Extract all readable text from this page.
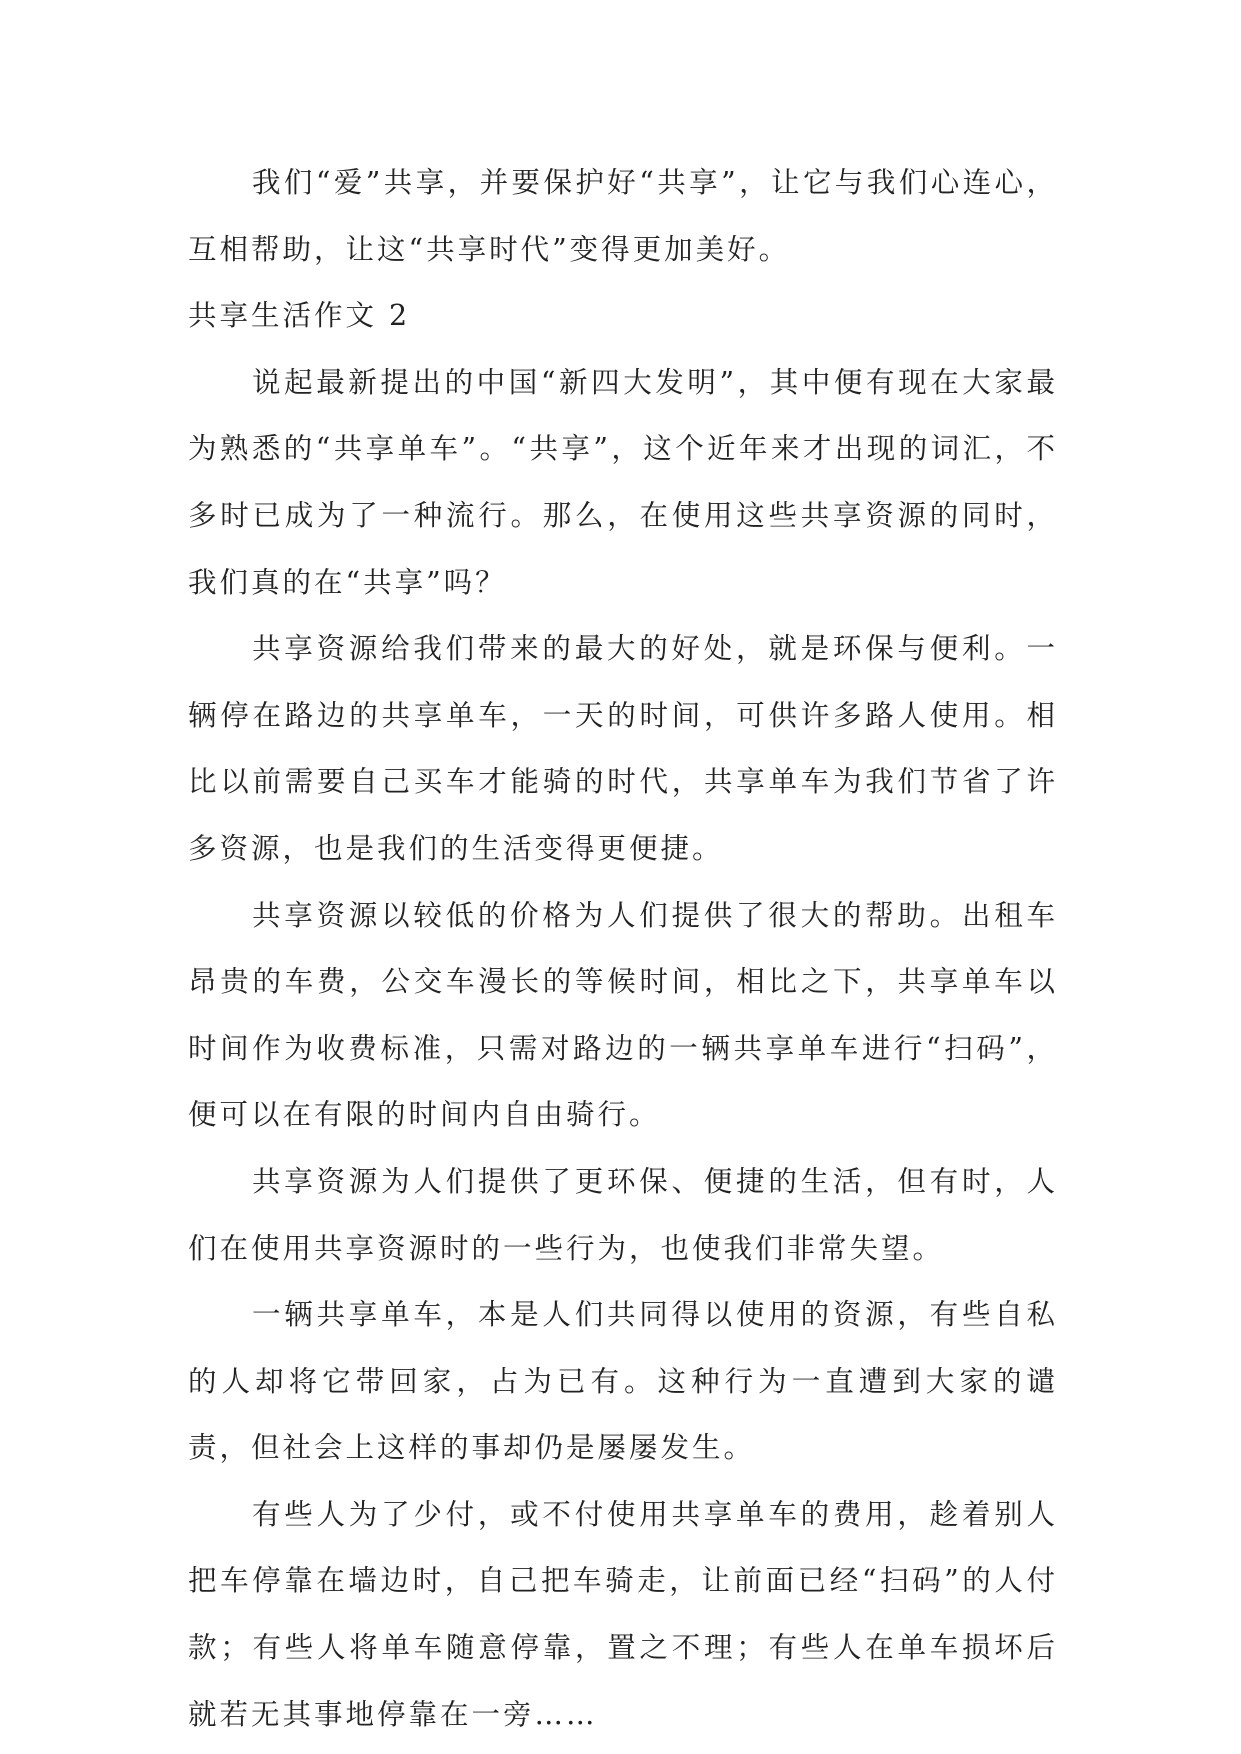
我们“爱”共享，并要保护好“共享”，让它与我们心连心，互相帮助，让这“共享时代”变得更加美好。

共享生活作文 2

说起最新提出的中国“新四大发明”，其中便有现在大家最为熟悉的“共享单车”。“共享”，这个近年来才出现的词汇，不多时已成为了一种流行。那么，在使用这些共享资源的同时，我们真的在“共享”吗？

共享资源给我们带来的最大的好处，就是环保与便利。一辆停在路边的共享单车，一天的时间，可供许多路人使用。相比以前需要自己买车才能骑的时代，共享单车为我们节省了许多资源，也是我们的生活变得更便捷。

共享资源以较低的价格为人们提供了很大的帮助。出租车昂贵的车费，公交车漫长的等候时间，相比之下，共享单车以时间作为收费标准，只需对路边的一辆共享单车进行“扫码”，便可以在有限的时间内自由骑行。

共享资源为人们提供了更环保、便捷的生活，但有时，人们在使用共享资源时的一些行为，也使我们非常失望。

一辆共享单车，本是人们共同得以使用的资源，有些自私的人却将它带回家，占为已有。这种行为一直遭到大家的谴责，但社会上这样的事却仍是屡屡发生。

有些人为了少付，或不付使用共享单车的费用，趁着别人把车停靠在墙边时，自己把车骑走，让前面已经“扫码”的人付款；有些人将单车随意停靠，置之不理；有些人在单车损坏后就若无其事地停靠在一旁……
